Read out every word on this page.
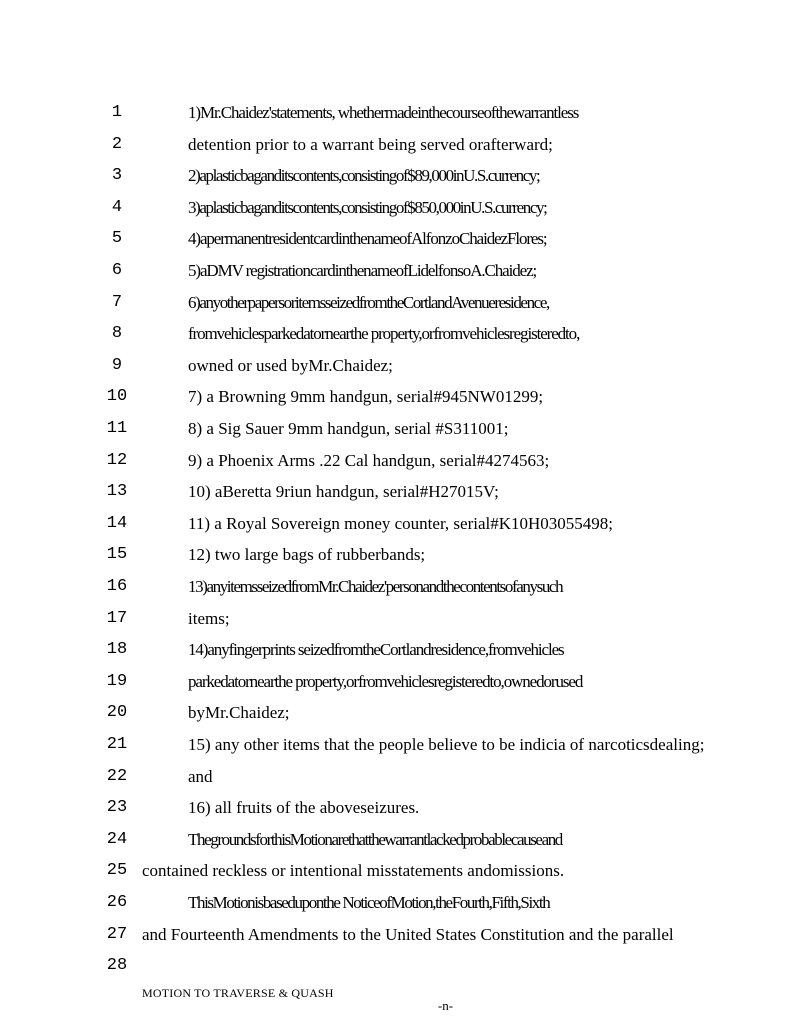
1	1)Mr.Chaidez'statements, whethermadeinthecourseofthewarrantless
2	detention prior to a warrant being served orafterward;
3	2)aplasticbaganditscontents,consistingof$89,000inU.S.currency;
4	3)aplasticbaganditscontents,consistingof$850,000inU.S.currency;
5	4)apermanentresidentcardinthenameofAlfonzoChaidezFlores;
6	5)aDMV registrationcardinthenameofLidelfonsoA.Chaidez;
7	6)anyotherpapersoritemsseizedfromtheCortlandAvenueresidence,
8	fromvehiclesparkedatornearthe property,orfromvehiclesregisteredto,
9	owned or used byMr.Chaidez;
10	7) a Browning 9mm handgun, serial#945NW01299;
11	8) a Sig Sauer 9mm handgun, serial #S311001;
12	9) a Phoenix Arms .22 Cal handgun, serial#4274563;
13	10) aBeretta 9riun handgun, serial#H27015V;
14	11) a Royal Sovereign money counter, serial#K10H03055498;
15	12) two large bags of rubberbands;
16	13)anyitemsseizedfromMr.Chaidez'personandthecontentsofanysuch
17	items;
18	14)anyfingerprints seizedfromtheCortlandresidence,fromvehicles
19	parkedatornearthe property,orfromvehiclesregisteredto,ownedorused
20	byMr.Chaidez;
21	15) any other items that the people believe to be indicia of narcoticsdealing;
22	and
23	16) all fruits of the aboveseizures.
24	ThegroundsforthisMotionarethatthewarrantlackedprobablecauseand
25 contained reckless or intentional misstatements andomissions.
26	ThisMotionisbaseduponthe NoticeofMotion,theFourth,Fifth,Sixth
27 and Fourteenth Amendments to the United States Constitution and the parallel
28
MOTION TO TRAVERSE & QUASH
-n-
